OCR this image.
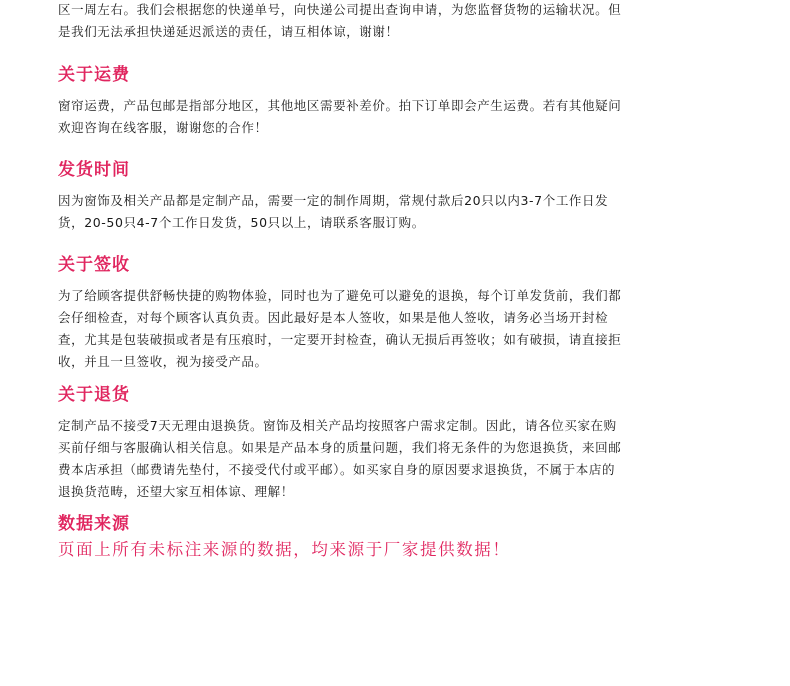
区一周左右。我们会根据您的快递单号，向快递公司提出查询申请，为您监督货物的运输状况。但
是我们无法承担快递延迟派送的责任，请互相体谅，谢谢！

关于运费

窗帘运费，产品包邮是指部分地区，其他地区需要补差价。拍下订单即会产生运费。若有其他疑问
欢迎咨询在线客服，谢谢您的合作！

发货时间

因为窗饰及相关产品都是定制产品，需要一定的制作周期，常规付款后20只以内3-7个工作日发
货，20-50只4-7个工作日发货，50只以上，请联系客服订购。

关于签收

为了给顾客提供舒畅快捷的购物体验，同时也为了避免可以避免的退换，每个订单发货前，我们都
会仔细检查，对每个顾客认真负责。因此最好是本人签收，如果是他人签收，请务必当场开封检
查，尤其是包装破损或者是有压痕时，一定要开封检查，确认无损后再签收；如有破损，请直接拒
收，并且一旦签收，视为接受产品。

关于退货

定制产品不接受7天无理由退换货。窗饰及相关产品均按照客户需求定制。因此，请各位买家在购
买前仔细与客服确认相关信息。如果是产品本身的质量问题，我们将无条件的为您退换货，来回邮
费本店承担（邮费请先垫付，不接受代付或平邮）。如买家自身的原因要求退换货，不属于本店的
退换货范畴，还望大家互相体谅、理解！

数据来源

页面上所有未标注来源的数据，均来源于厂家提供数据！
